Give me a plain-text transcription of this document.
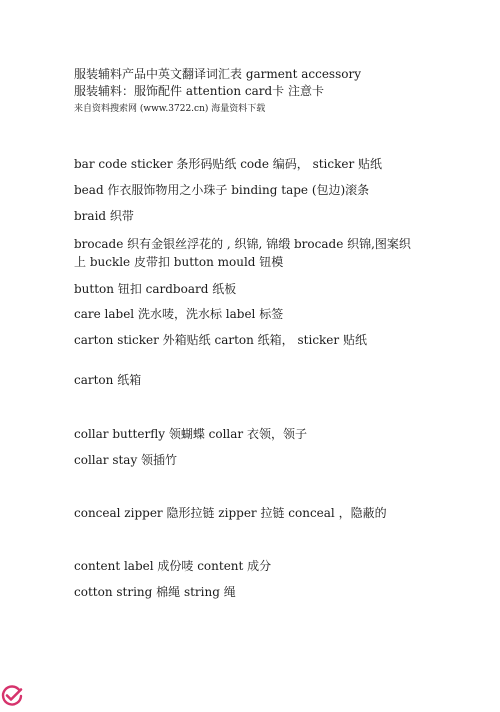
服装辅料产品中英文翻译词汇表 garment accessory
服装辅料：服饰配件 attention card卡 注意卡
来自资料搜索网 (www.3722.cn) 海量资料下载
bar code sticker 条形码贴纸 code 编码， sticker 贴纸
bead 作衣服饰物用之小珠子 binding tape (包边)滚条
braid 织带
brocade 织有金银丝浮花的 , 织锦, 锦缎 brocade 织锦,图案织上 buckle 皮带扣 button mould 钮模
button 钮扣 cardboard 纸板
care label 洗水唛，洗水标 label 标签
carton sticker 外箱贴纸 carton 纸箱， sticker 贴纸
carton 纸箱
collar butterfly 领蝴蝶 collar 衣领，领子
collar stay 领插竹
conceal zipper 隐形拉链 zipper 拉链 conceal ，隐蔽的
content label 成份唛 content 成分
cotton string 棉绳 string 绳
